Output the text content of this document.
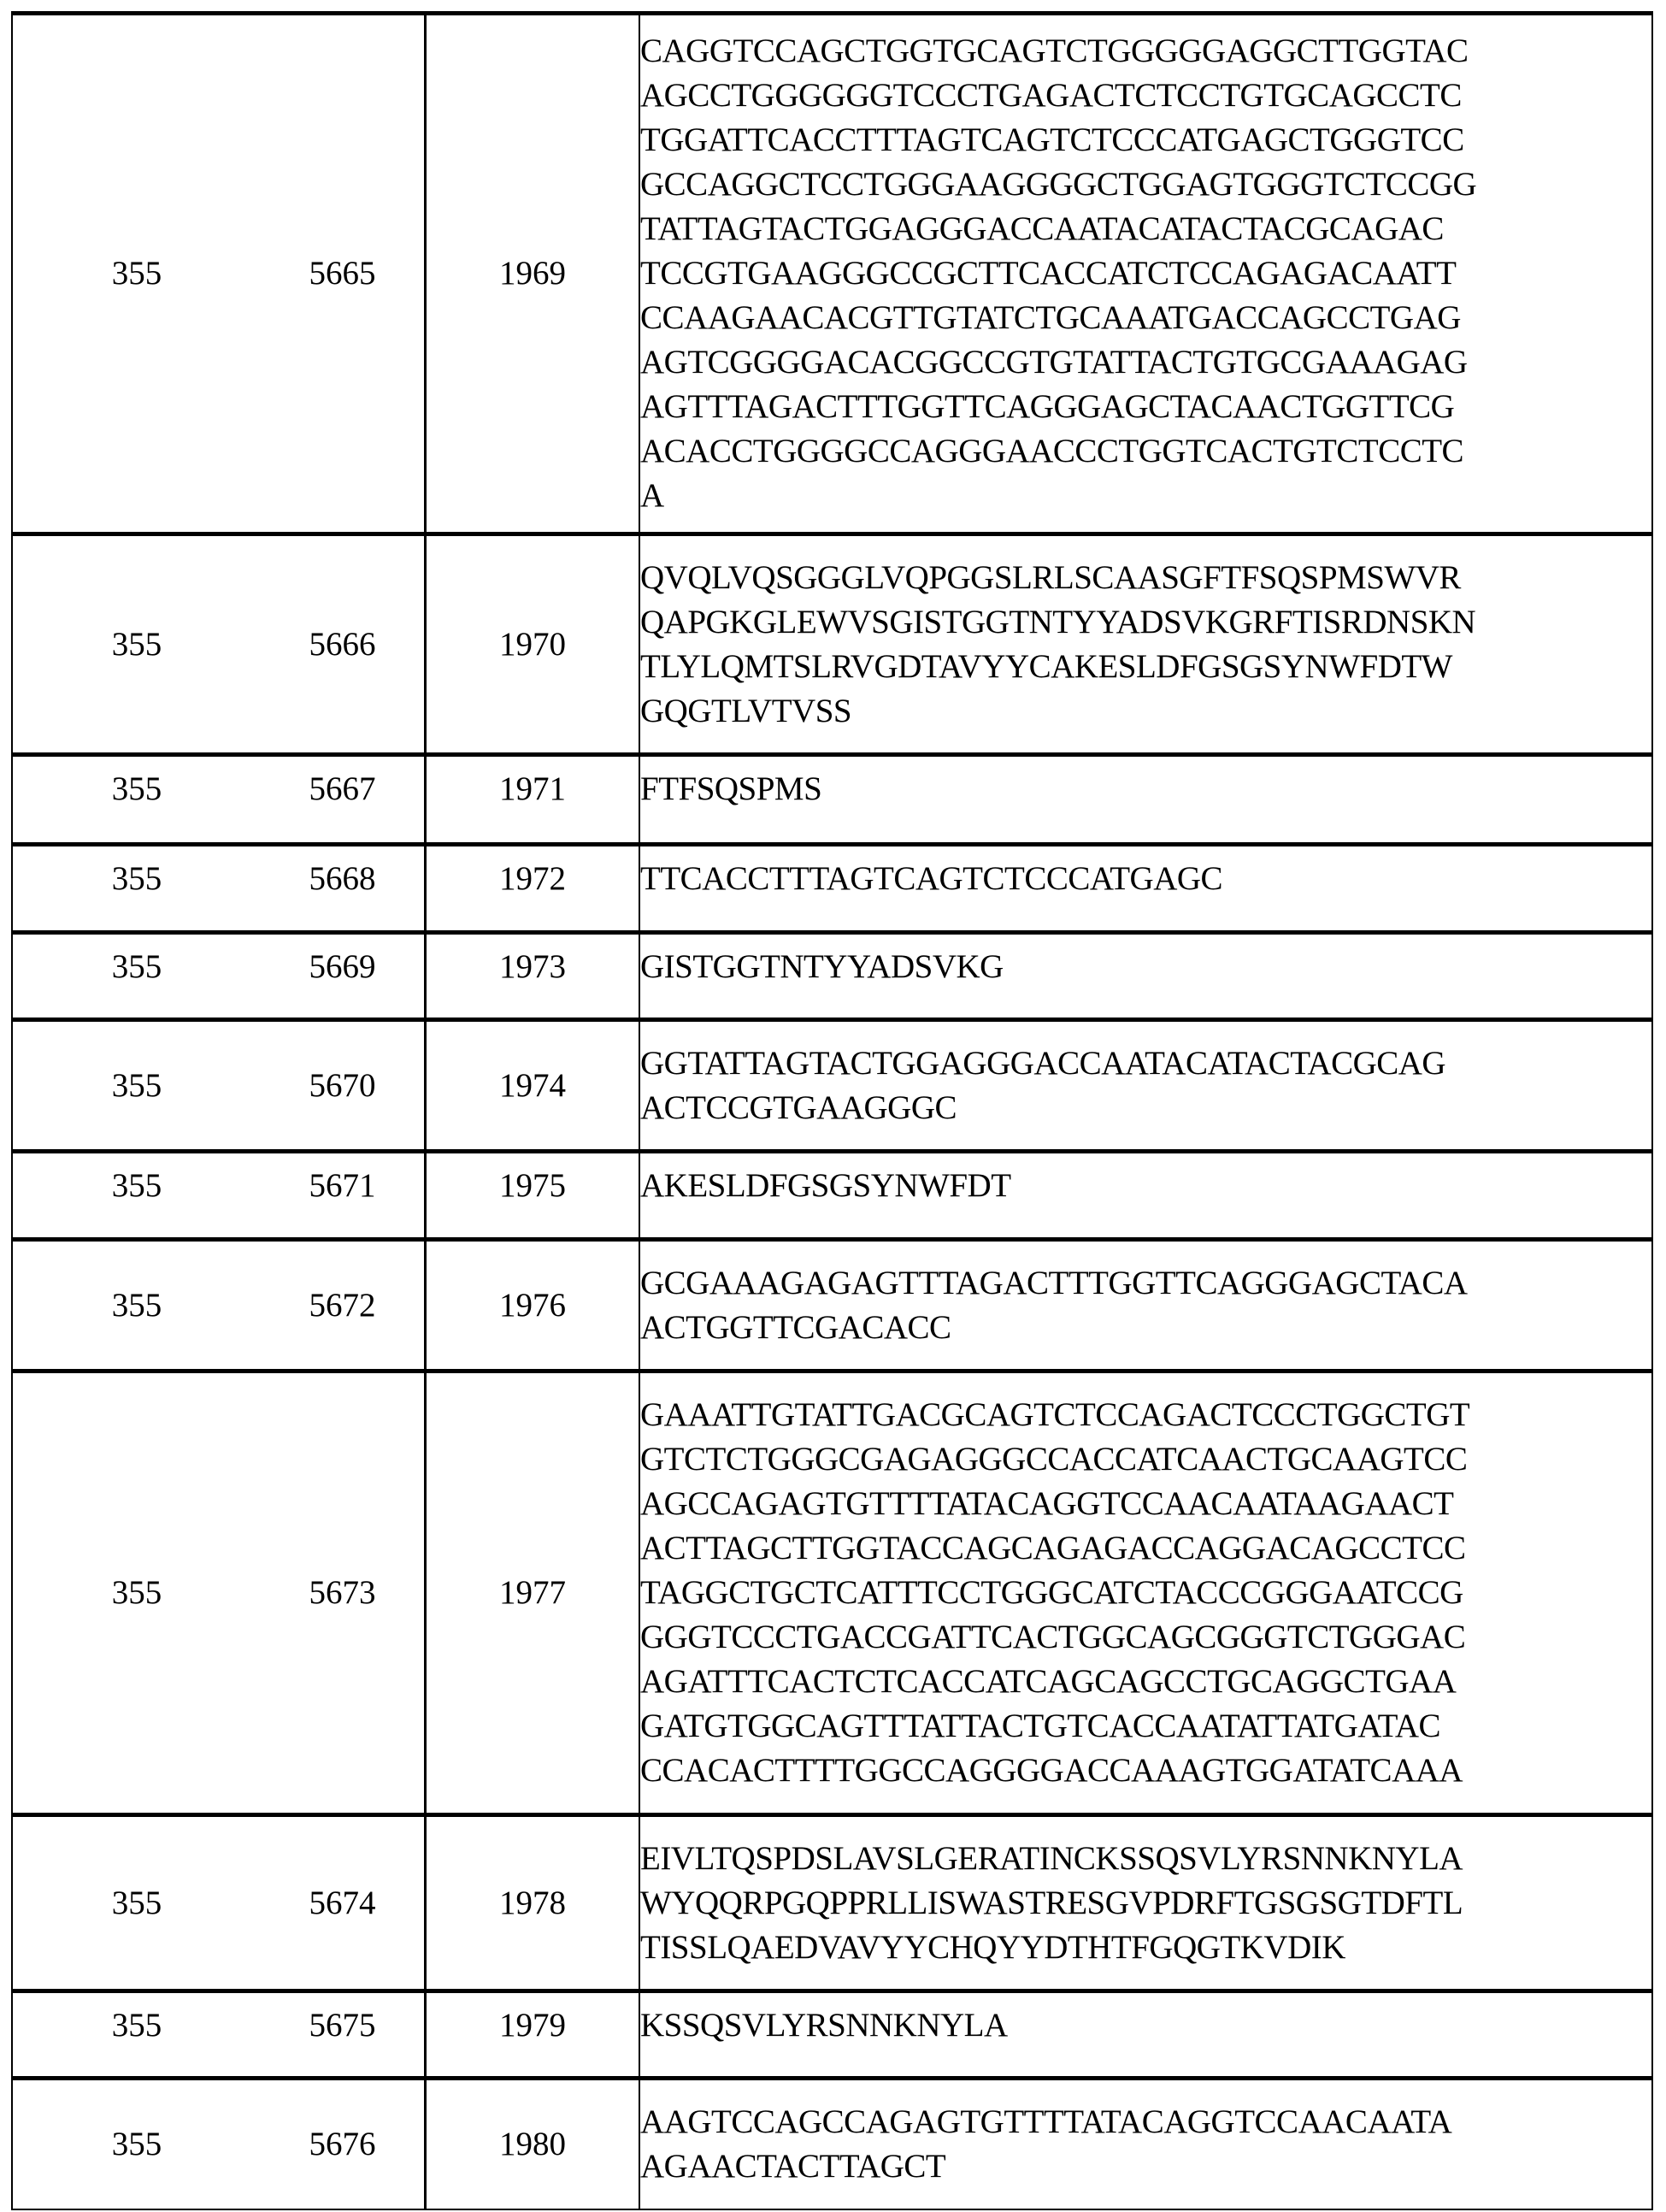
355	5665	1969	
CAGGTCCAGCTGGTGCAGTCTGGGGGAGGCTTGGTAC
AGCCTGGGGGGTCCCTGAGACTCTCCTGTGCAGCCTC
TGGATTCACCTTTAGTCAGTCTCCCATGAGCTGGGTCC
GCCAGGCTCCTGGGAAGGGGCTGGAGTGGGTCTCCGG
TATTAGTACTGGAGGGACCAATACATACTACGCAGAC
TCCGTGAAGGGCCGCTTCACCATCTCCAGAGACAATT
CCAAGAACACGTTGTATCTGCAAATGACCAGCCTGAG
AGTCGGGGACACGGCCGTGTATTACTGTGCGAAAGAG
AGTTTAGACTTTGGTTCAGGGAGCTACAACTGGTTCG
ACACCTGGGGCCAGGGAACCCTGGTCACTGTCTCCTC
A

355	5666	1970	QVQLVQSGGGLVQPGGSLRLSCAASGFTFSQSPMSWVR
QAPGKGLEWVSGISTGGTNTYYADSVKGRFTISRDNSKN
TLYLQMTSLRVGDTAVYYCAKESLDFGSGSYNWFDTW
GQGTLVTVSS

355	5667	1971	FTFSQSPMS

355	5668	1972	TTCACCTTTAGTCAGTCTCCCATGAGC

355	5669	1973	GISTGGTNTYYADSVKG

355	5670	1974	GGTATTAGTACTGGAGGGACCAATACATACTACGCAG
ACTCCGTGAAGGGC

355	5671	1975	AKESLDFGSGSYNWFDT

355	5672	1976	GCGAAAGAGAGTTTAGACTTTGGTTCAGGGAGCTACA
ACTGGTTCGACACC

355	5673	1977	
GAAATTGTATTGACGCAGTCTCCAGACTCCCTGGCTGT
GTCTCTGGGCGAGAGGGCCACCATCAACTGCAAGTCC
AGCCAGAGTGTTTTATACAGGTCCAACAATAAGAACT
ACTTAGCTTGGTACCAGCAGAGACCAGGACAGCCTCC
TAGGCTGCTCATTTCCTGGGCATCTACCCGGGAATCCG
GGGTCCCTGACCGATTCACTGGCAGCGGGTCTGGGAC
AGATTTCACTCTCACCATCAGCAGCCTGCAGGCTGAA
GATGTGGCAGTTTATTACTGTCACCAATATTATGATAC
CCACACTTTTGGCCAGGGGACCAAAGTGGATATCAAA

355	5674	1978	EIVLTQSPDSLAVSLGERATINCKSSQSVLYRSNNKNYLA
WYQQRPGQPPRLLISWASTRESGVPDRFTGSGSGTDFTL
TISSLQAEDVAVYYCHQYYDTHTFGQGTKVDIK

355	5675	1979	KSSQSVLYRSNNKNYLA

355	5676	1980	AAGTCCAGCCAGAGTGTTTTATACAGGTCCAACAATA
AGAACTACTTAGCT
